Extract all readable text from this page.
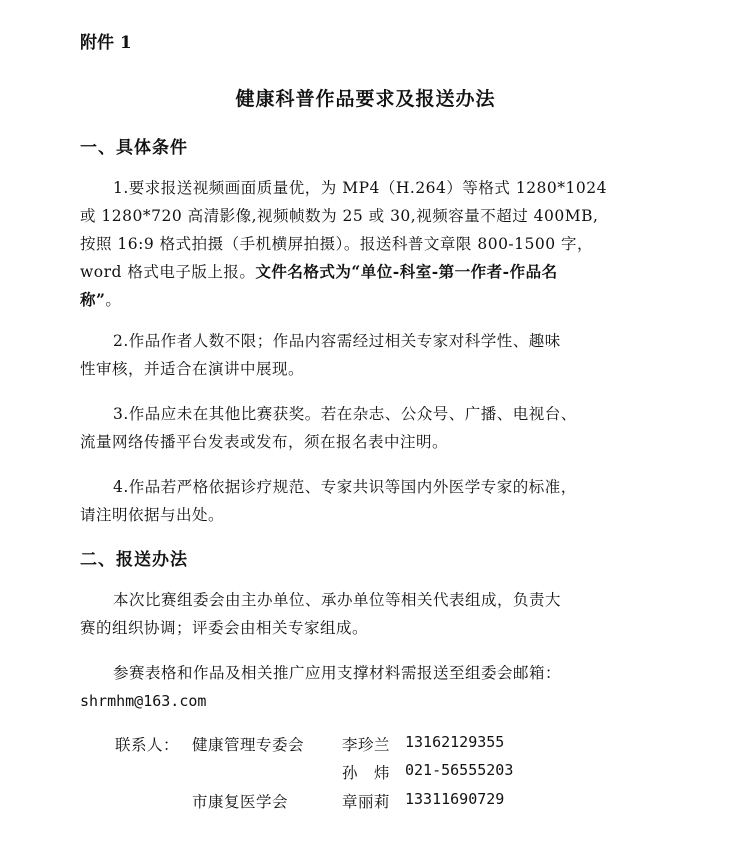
附件 1
健康科普作品要求及报送办法
一、具体条件
1.要求报送视频画面质量优，为 MP4（H.264）等格式 1280*1024
或 1280*720 高清影像,视频帧数为 25 或 30,视频容量不超过 400MB,
按照 16:9 格式拍摄（手机横屏拍摄）。报送科普文章限 800-1500 字，
word 格式电子版上报。文件名格式为“单位-科室-第一作者-作品名
称”。
2.作品作者人数不限；作品内容需经过相关专家对科学性、趣味
性审核，并适合在演讲中展现。
3.作品应未在其他比赛获奖。若在杂志、公众号、广播、电视台、
流量网络传播平台发表或发布，须在报名表中注明。
4.作品若严格依据诊疗规范、专家共识等国内外医学专家的标准，
请注明依据与出处。
二、报送办法
本次比赛组委会由主办单位、承办单位等相关代表组成，负责大
赛的组织协调；评委会由相关专家组成。
参赛表格和作品及相关推广应用支撑材料需报送至组委会邮箱：
shrmhm@163.com
联系人： 健康管理专委会 李珍兰 13162129355
孙　炜 021-56555203
市康复医学会	章丽莉 13311690729
